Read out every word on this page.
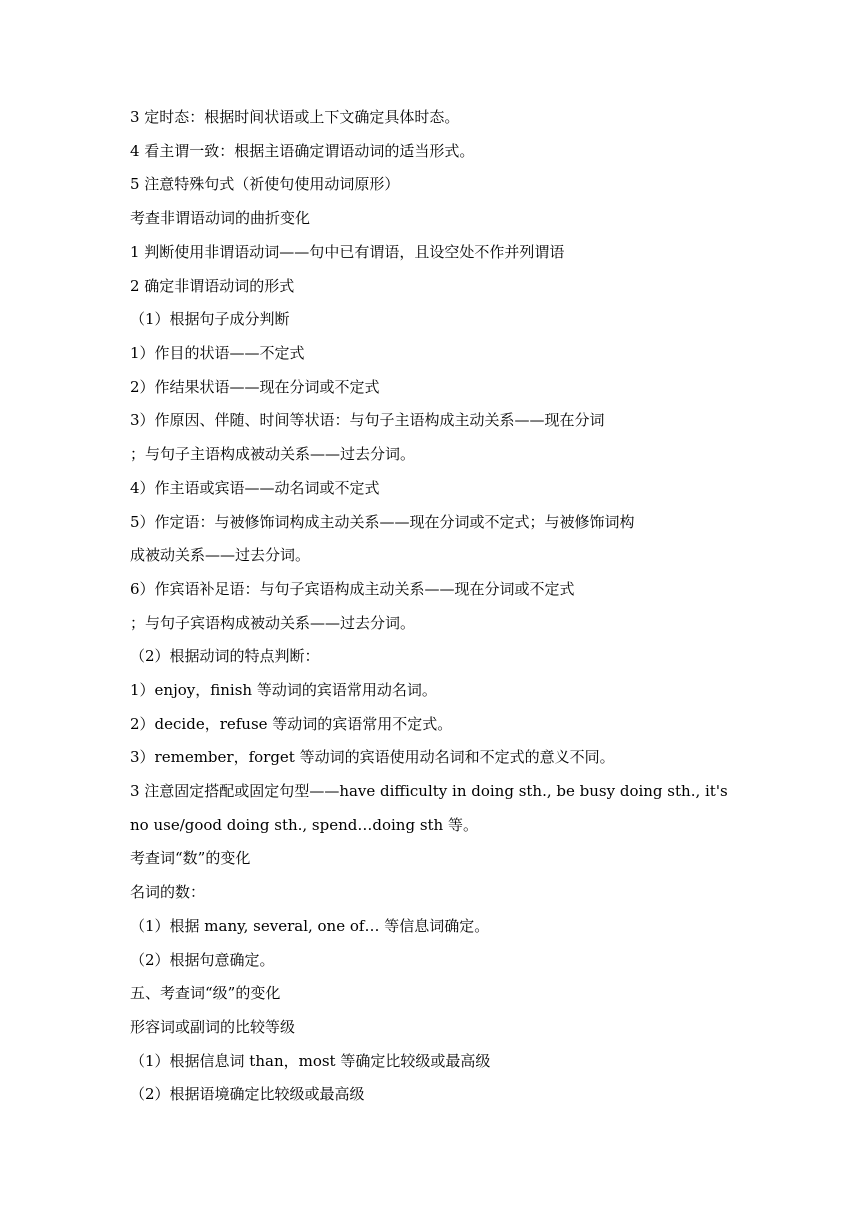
3 定时态：根据时间状语或上下文确定具体时态。
4 看主谓一致：根据主语确定谓语动词的适当形式。
5 注意特殊句式（祈使句使用动词原形）
考查非谓语动词的曲折变化
1 判断使用非谓语动词——句中已有谓语，且设空处不作并列谓语
2 确定非谓语动词的形式
（1）根据句子成分判断
1）作目的状语——不定式
2）作结果状语——现在分词或不定式
3）作原因、伴随、时间等状语：与句子主语构成主动关系——现在分词
；与句子主语构成被动关系——过去分词。
4）作主语或宾语——动名词或不定式
5）作定语：与被修饰词构成主动关系——现在分词或不定式；与被修饰词构
成被动关系——过去分词。
6）作宾语补足语：与句子宾语构成主动关系——现在分词或不定式
；与句子宾语构成被动关系——过去分词。
（2）根据动词的特点判断：
1）enjoy，finish 等动词的宾语常用动名词。
2）decide，refuse 等动词的宾语常用不定式。
3）remember，forget 等动词的宾语使用动名词和不定式的意义不同。
3 注意固定搭配或固定句型——have difficulty in doing sth., be busy doing sth., it's
no use/good doing sth., spend…doing sth 等。
考查词“数”的变化
名词的数：
（1）根据 many, several, one of… 等信息词确定。
（2）根据句意确定。
五、考查词“级”的变化
形容词或副词的比较等级
（1）根据信息词 than，most 等确定比较级或最高级
（2）根据语境确定比较级或最高级
